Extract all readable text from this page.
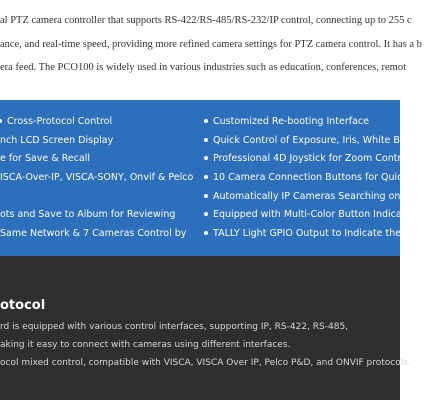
al PTZ camera controller that supports RS-422/RS-485/RS-232/IP control, connecting up to 255 c

ance, and real-time speed, providing more refined camera settings for PTZ camera control. It has a b

era feed. The PCO100 is widely used in various industries such as education, conferences, remot

Cross-Protocol Control
nch LCD Screen Display
e for Save & Recall
ISCA-Over-IP, VISCA-SONY, Onvif & Pelco
ots and Save to Album for Reviewing
Same Network & 7 Cameras Control by
Customized Re-booting Interface
Quick Control of Exposure, Iris, White Balanc
Professional 4D Joystick for Zoom Control
10 Camera Connection Buttons for Quick Acc
Automatically IP Cameras Searching on Netw
Equipped with Multi-Color Button Indicator t
TALLY Light GPIO Output to Indicate the Contr
otocol
rd is equipped with various control interfaces, supporting IP, RS-422, RS-485,
aking it easy to connect with cameras using different interfaces.
ocol mixed control, compatible with VISCA, VISCA Over IP, Pelco P&D, and ONVIF protocols.
